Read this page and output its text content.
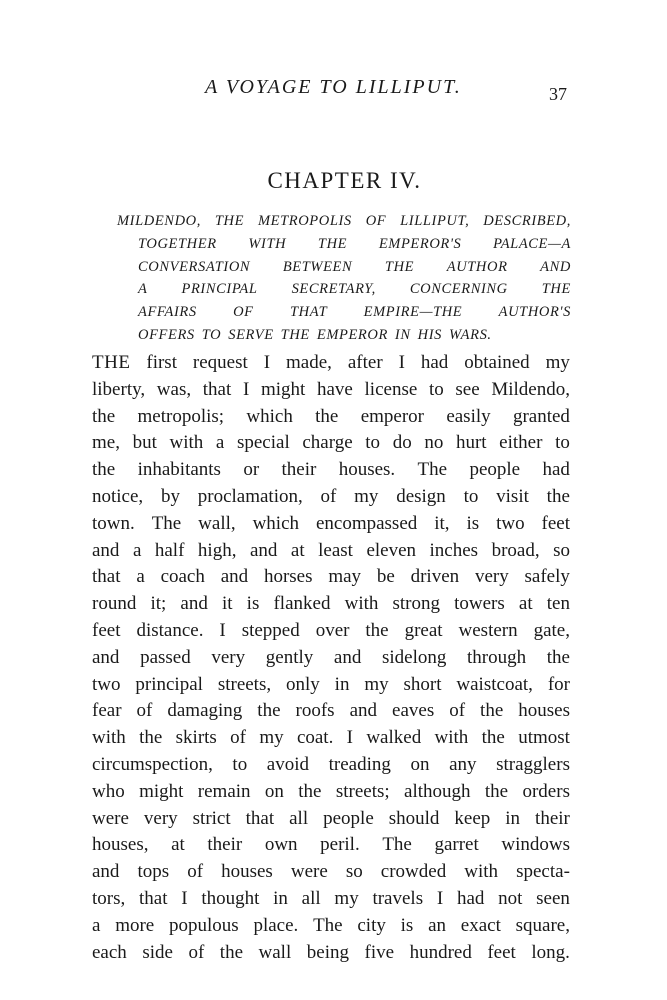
A VOYAGE TO LILLIPUT.	37
CHAPTER IV.
MILDENDO, THE METROPOLIS OF LILLIPUT, DESCRIBED,
TOGETHER WITH THE EMPEROR'S PALACE—A
CONVERSATION BETWEEN THE AUTHOR AND
A PRINCIPAL SECRETARY, CONCERNING THE
AFFAIRS	OF	THAT	EMPIRE—THE	AUTHOR'S
OFFERS TO SERVE THE EMPEROR IN HIS WARS.
THE first request I made, after I had obtained my
liberty, was, that I might have license to see Mildendo,
the metropolis; which the emperor easily granted
me, but with a special charge to do no hurt either to
the inhabitants or their houses. The people had
notice, by proclamation, of my design to visit the
town. The wall, which encompassed it, is two feet
and a half high, and at least eleven inches broad, so
that a coach and horses may be driven very safely
round it; and it is flanked with strong towers at ten
feet distance. I stepped over the great western gate,
and passed very gently and sidelong through the
two principal streets, only in my short waistcoat, for
fear of damaging the roofs and eaves of the houses
with the skirts of my coat. I walked with the utmost
circumspection, to avoid treading on any stragglers
who might remain on the streets; although the orders
were very strict that all people should keep in their
houses, at their own peril. The garret windows
and tops of houses were so crowded with specta-
tors, that I thought in all my travels I had not seen
a more populous place. The city is an exact square,
each side of the wall being five hundred feet long.
